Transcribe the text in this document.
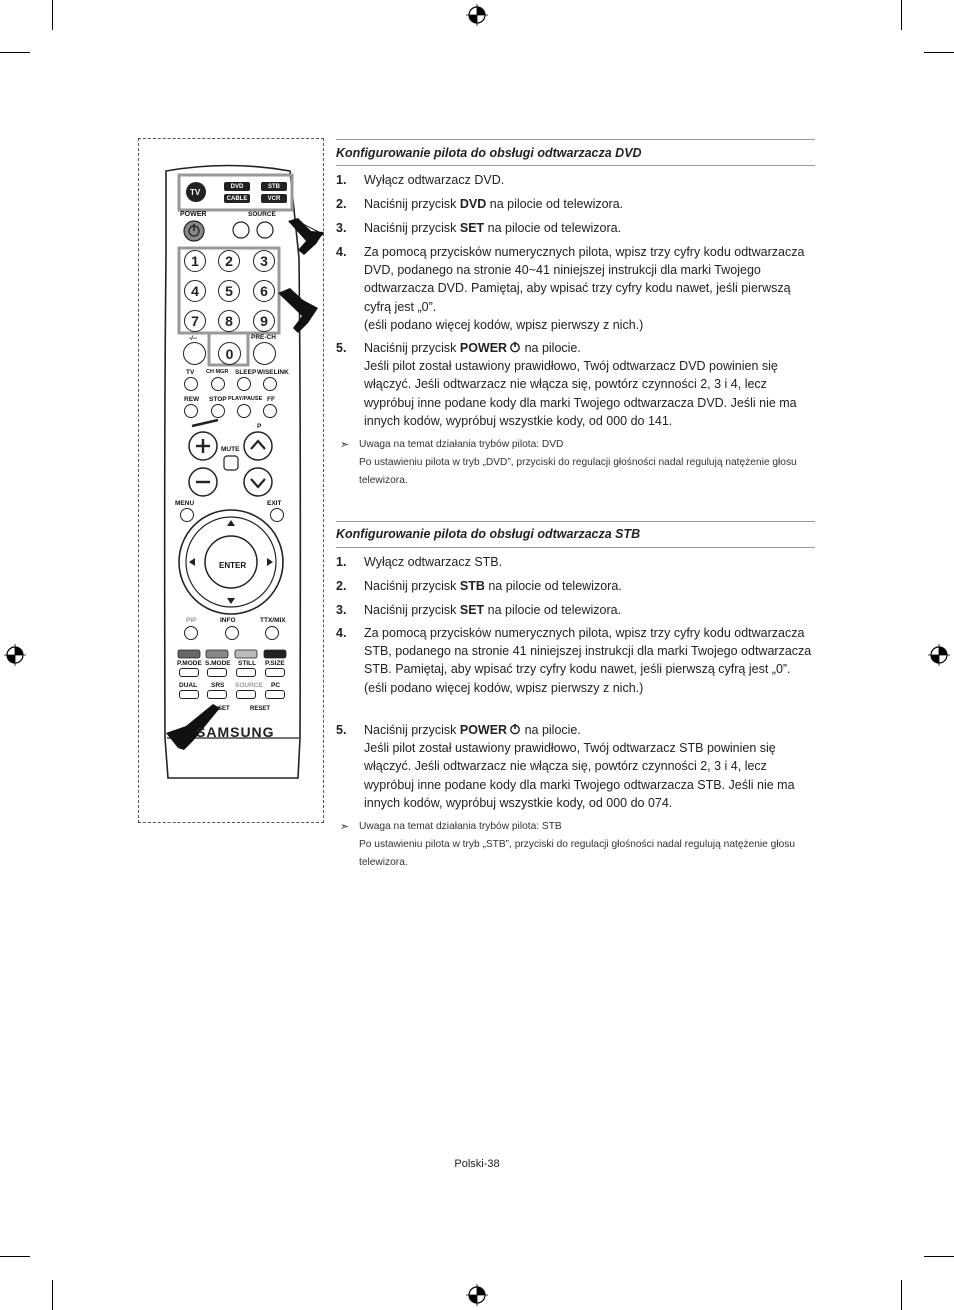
DVD	STB
CABLE	VCR
TV
POWER	SOURCE
1	2	3
4	5	6
7	8	9
0
-/--	PRE-CH
TV CH MGR SLEEP WISELINK
REW STOP PLAY/PAUSE FF
MUTE
P
MENU	EXIT
ENTER
PIP	INFO	TTX/MIX
P.MODE S.MODE STILL P.SIZE
DUAL SRS SOURCE PC
SET	RESET
SAMSUNG
Konfigurowanie pilota do obsługi odtwarzacza DVD
1. Wyłącz odtwarzacz DVD.
2. Naciśnij przycisk DVD na pilocie od telewizora.
3. Naciśnij przycisk SET na pilocie od telewizora.
4. Za pomocą przycisków numerycznych pilota, wpisz trzy cyfry kodu odtwarzacza DVD, podanego na stronie 40~41 niniejszej instrukcji dla marki Twojego odtwarzacza DVD. Pamiętaj, aby wpisać trzy cyfry kodu nawet, jeśli pierwszą cyfrą jest „0”.
(eśli podano więcej kodów, wpisz pierwszy z nich.)
5. Naciśnij przycisk POWER na pilocie.
Jeśli pilot został ustawiony prawidłowo, Twój odtwarzacz DVD powinien się włączyć. Jeśli odtwarzacz nie włącza się, powtórz czynności 2, 3 i 4, lecz wypróbuj inne podane kody dla marki Twojego odtwarzacza DVD. Jeśli nie ma innych kodów, wypróbuj wszystkie kody, od 000 do 141.
➣ Uwaga na temat działania trybów pilota: DVD
Po ustawieniu pilota w tryb „DVD”, przyciski do regulacji głośności nadal regulują natężenie głosu telewizora.
Konfigurowanie pilota do obsługi odtwarzacza STB
1. Wyłącz odtwarzacz STB.
2. Naciśnij przycisk STB na pilocie od telewizora.
3. Naciśnij przycisk SET na pilocie od telewizora.
4. Za pomocą przycisków numerycznych pilota, wpisz trzy cyfry kodu odtwarzacza STB, podanego na stronie 41 niniejszej instrukcji dla marki Twojego odtwarzacza STB. Pamiętaj, aby wpisać trzy cyfry kodu nawet, jeśli pierwszą cyfrą jest „0”.
(eśli podano więcej kodów, wpisz pierwszy z nich.)
5. Naciśnij przycisk POWER na pilocie.
Jeśli pilot został ustawiony prawidłowo, Twój odtwarzacz STB powinien się włączyć. Jeśli odtwarzacz nie włącza się, powtórz czynności 2, 3 i 4, lecz wypróbuj inne podane kody dla marki Twojego odtwarzacza STB. Jeśli nie ma innych kodów, wypróbuj wszystkie kody, od 000 do 074.
➣ Uwaga na temat działania trybów pilota: STB
Po ustawieniu pilota w tryb „STB”, przyciski do regulacji głośności nadal regulują natężenie głosu telewizora.
Polski-38
